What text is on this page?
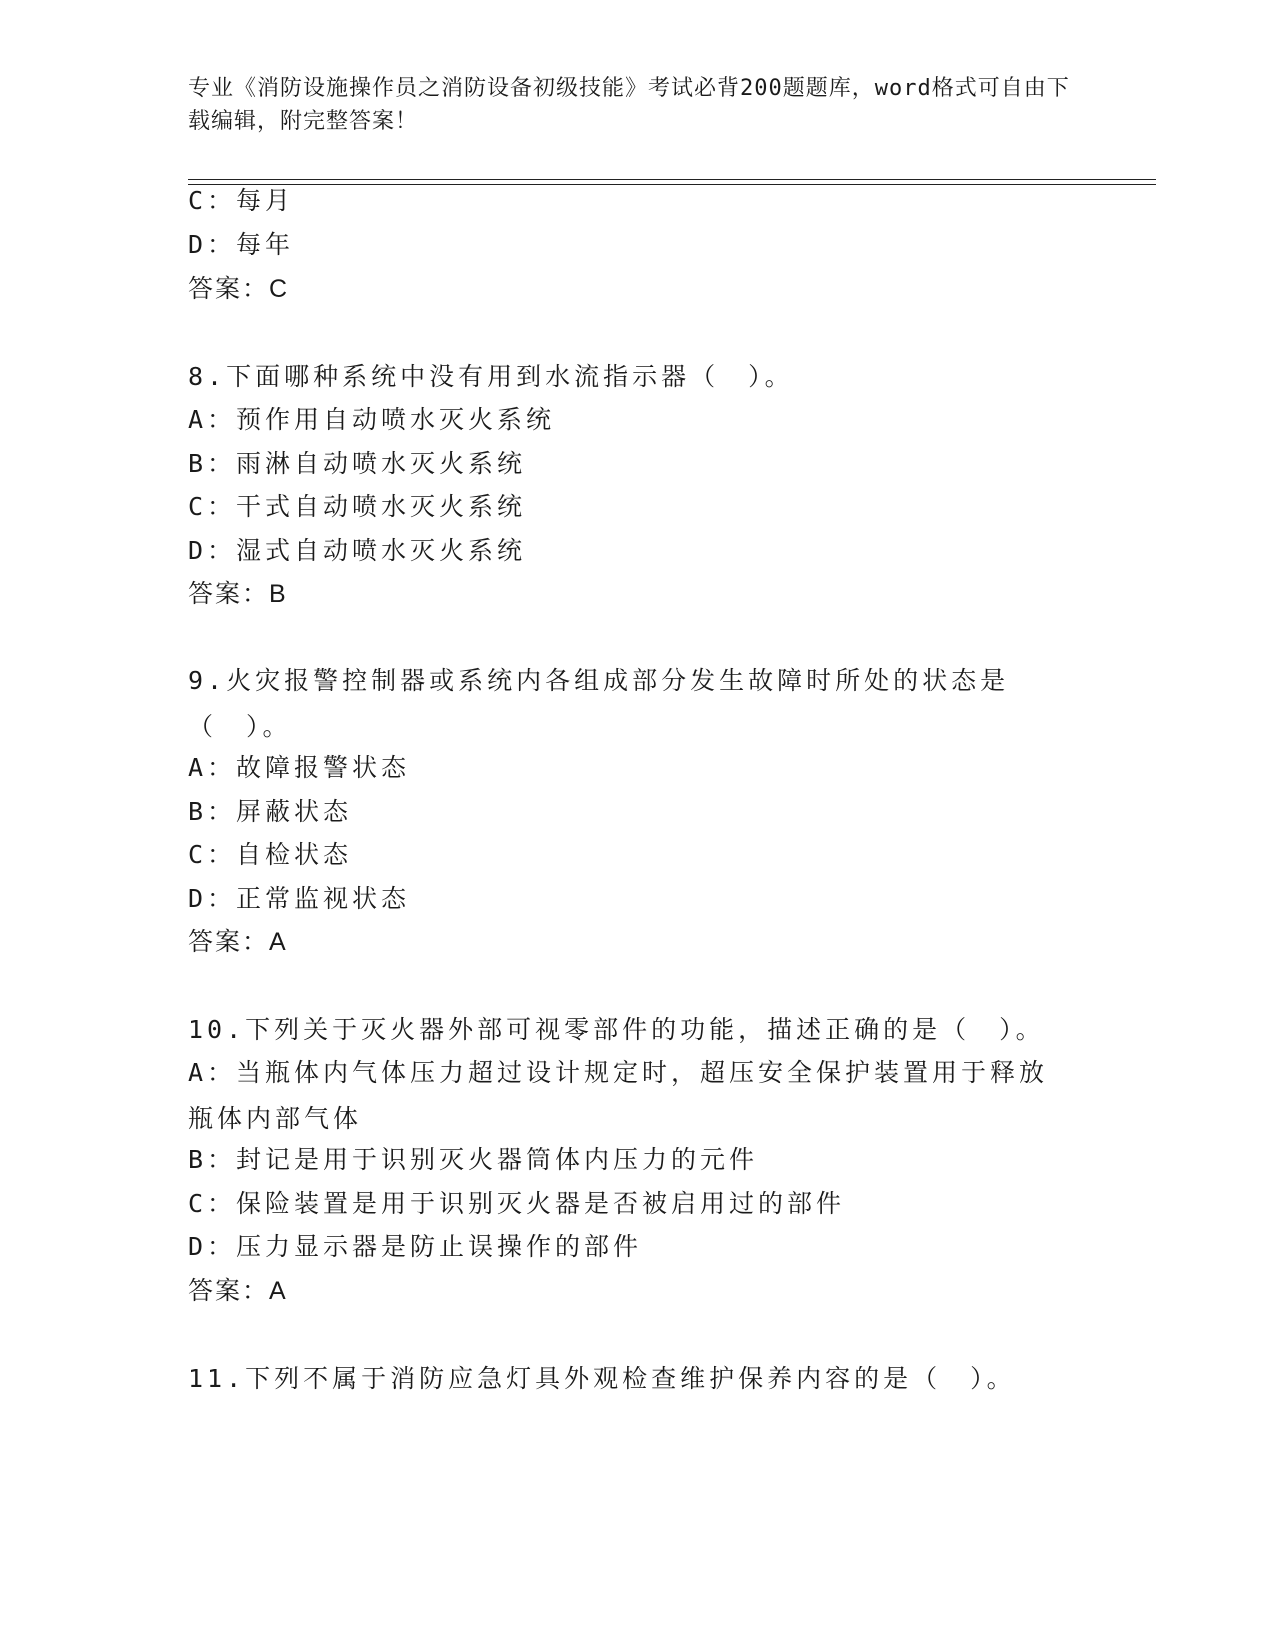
专业《消防设施操作员之消防设备初级技能》考试必背200题题库，word格式可自由下载编辑，附完整答案！
C：每月
D：每年
答案：C
8.下面哪种系统中没有用到水流指示器（　）。
A：预作用自动喷水灭火系统
B：雨淋自动喷水灭火系统
C：干式自动喷水灭火系统
D：湿式自动喷水灭火系统
答案：B
9.火灾报警控制器或系统内各组成部分发生故障时所处的状态是（　）。
A：故障报警状态
B：屏蔽状态
C：自检状态
D：正常监视状态
答案：A
10.下列关于灭火器外部可视零部件的功能，描述正确的是（　）。
A：当瓶体内气体压力超过设计规定时，超压安全保护装置用于释放瓶体内部气体
B：封记是用于识别灭火器筒体内压力的元件
C：保险装置是用于识别灭火器是否被启用过的部件
D：压力显示器是防止误操作的部件
答案：A
11.下列不属于消防应急灯具外观检查维护保养内容的是（　）。
